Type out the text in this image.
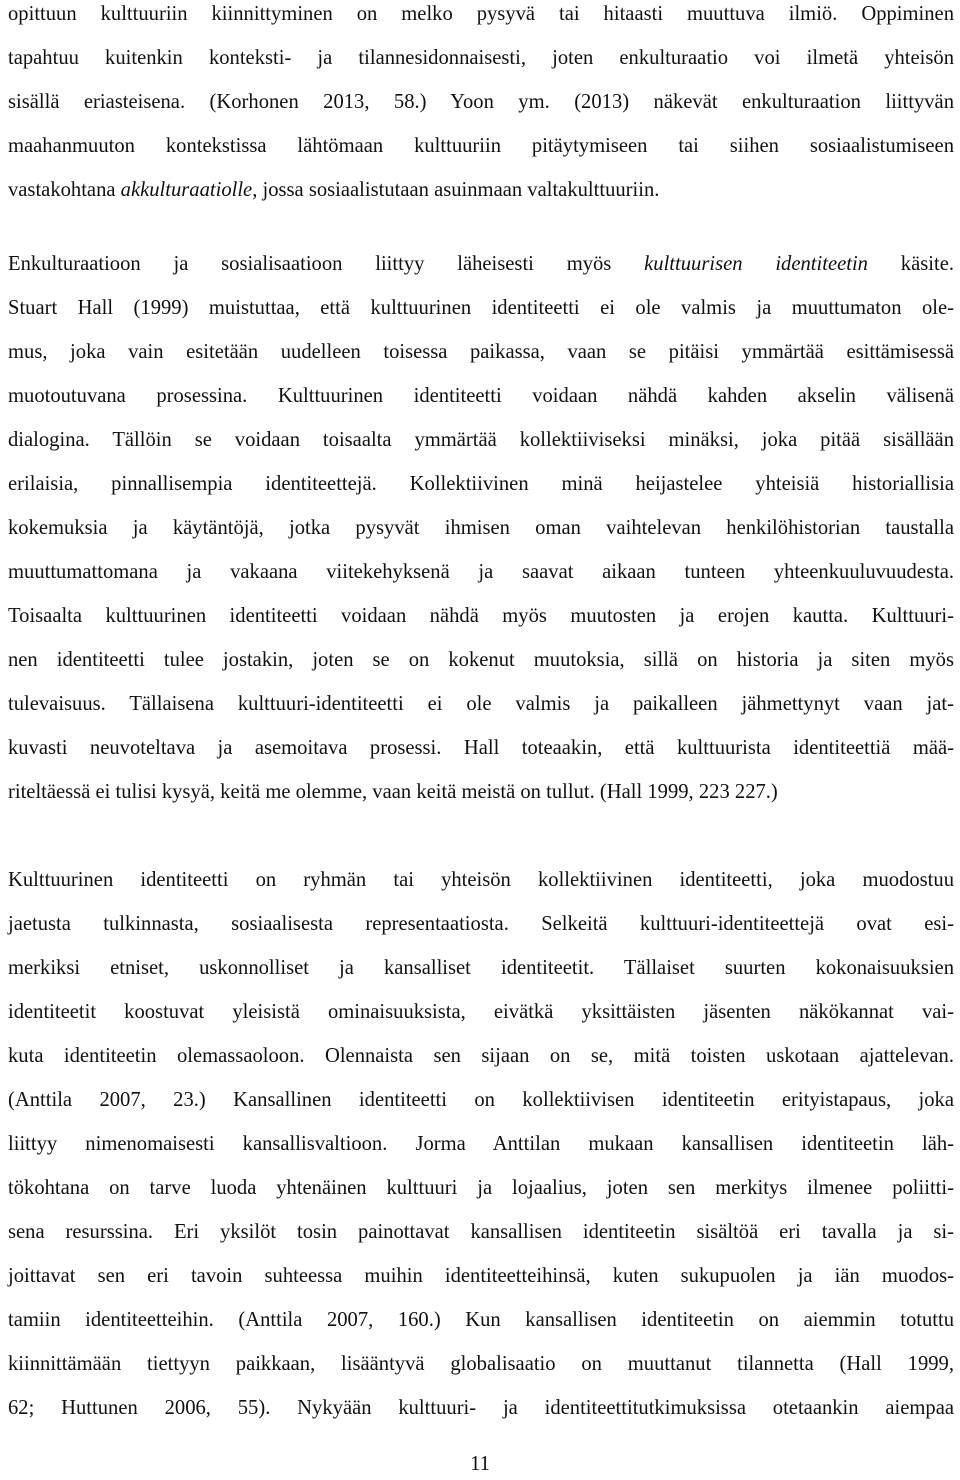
opittuun kulttuuriin kiinnittyminen on melko pysyvä tai hitaasti muuttuva ilmiö. Oppiminen
tapahtuu kuitenkin konteksti- ja tilannesidonnaisesti, joten enkulturaatio voi ilmetä yhteisön
sisällä eriasteisena. (Korhonen 2013, 58.) Yoon ym. (2013) näkevät enkulturaation liittyvän
maahanmuuton kontekstissa lähtömaan kulttuuriin pitäytymiseen tai siihen sosiaalistumiseen
vastakohtana akkulturaatiolle, jossa sosiaalistutaan asuinmaan valtakulttuuriin.
Enkulturaatioon ja sosialisaatioon liittyy läheisesti myös kulttuurisen identiteetin käsite.
Stuart Hall (1999) muistuttaa, että kulttuurinen identiteetti ei ole valmis ja muuttumaton ole-
mus, joka vain esitetään uudelleen toisessa paikassa, vaan se pitäisi ymmärtää esittämisessä
muotoutuvana prosessina. Kulttuurinen identiteetti voidaan nähdä kahden akselin välisenä
dialogina. Tällöin se voidaan toisaalta ymmärtää kollektiiviseksi minäksi, joka pitää sisällään
erilaisia, pinnallisempia identiteettejä. Kollektiivinen minä heijastelee yhteisiä historiallisia
kokemuksia ja käytäntöjä, jotka pysyvät ihmisen oman vaihtelevan henkilöhistorian taustalla
muuttumattomana ja vakaana viitekehyksenä ja saavat aikaan tunteen yhteenkuuluvuudesta.
Toisaalta kulttuurinen identiteetti voidaan nähdä myös muutosten ja erojen kautta. Kulttuuri-
nen identiteetti tulee jostakin, joten se on kokenut muutoksia, sillä on historia ja siten myös
tulevaisuus. Tällaisena kulttuuri-identiteetti ei ole valmis ja paikalleen jähmettynyt vaan jat-
kuvasti neuvoteltava ja asemoitava prosessi. Hall toteaakin, että kulttuurista identiteettiä mää-
riteltäessä ei tulisi kysyä, keitä me olemme, vaan keitä meistä on tullut. (Hall 1999, 223 227.)
Kulttuurinen identiteetti on ryhmän tai yhteisön kollektiivinen identiteetti, joka muodostuu
jaetusta tulkinnasta, sosiaalisesta representaatiosta. Selkeitä kulttuuri-identiteettejä ovat esi-
merkiksi etniset, uskonnolliset ja kansalliset identiteetit. Tällaiset suurten kokonaisuuksien
identiteetit koostuvat yleisistä ominaisuuksista, eivätkä yksittäisten jäsenten näkökannat vai-
kuta identiteetin olemassaoloon. Olennaista sen sijaan on se, mitä toisten uskotaan ajattelevan.
(Anttila 2007, 23.) Kansallinen identiteetti on kollektiivisen identiteetin erityistapaus, joka
liittyy nimenomaisesti kansallisvaltioon. Jorma Anttilan mukaan kansallisen identiteetin läh-
tökohtana on tarve luoda yhtenäinen kulttuuri ja lojaalius, joten sen merkitys ilmenee poliitti-
sena resurssina. Eri yksilöt tosin painottavat kansallisen identiteetin sisältöä eri tavalla ja si-
joittavat sen eri tavoin suhteessa muihin identiteetteihinsä, kuten sukupuolen ja iän muodos-
tamiin identiteetteihin. (Anttila 2007, 160.) Kun kansallisen identiteetin on aiemmin totuttu
kiinnittämään tiettyyn paikkaan, lisääntyvä globalisaatio on muuttanut tilannetta (Hall 1999,
62; Huttunen 2006, 55). Nykyään kulttuuri- ja identiteettitutkimuksissa otetaankin aiempaa
11
